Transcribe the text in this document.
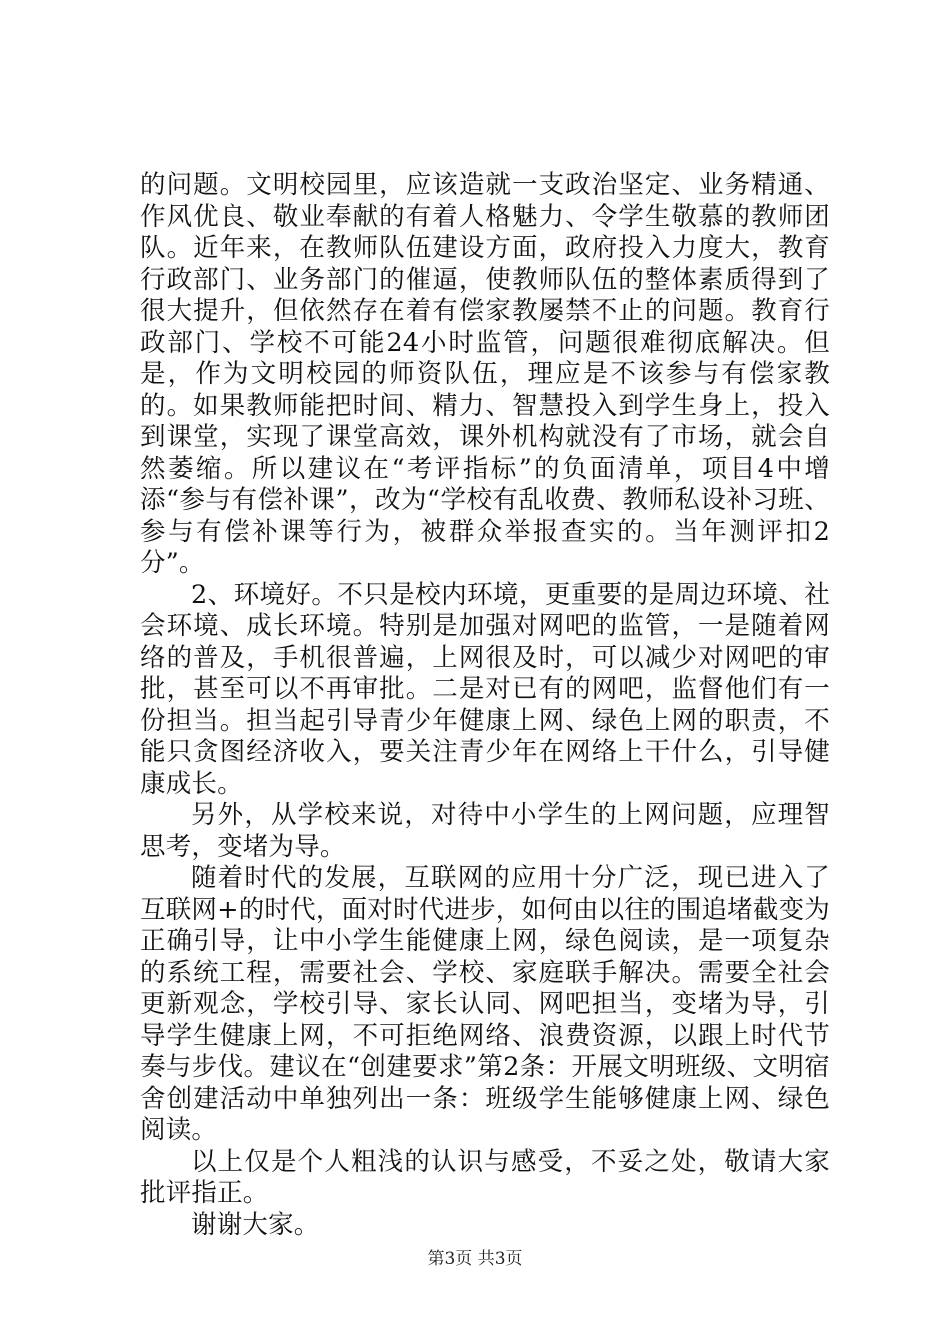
的问题。文明校园里，应该造就一支政治坚定、业务精通、作风优良、敬业奉献的有着人格魅力、令学生敬慕的教师团队。近年来，在教师队伍建设方面，政府投入力度大，教育行政部门、业务部门的催逼，使教师队伍的整体素质得到了很大提升，但依然存在着有偿家教屡禁不止的问题。教育行政部门、学校不可能24小时监管，问题很难彻底解决。但是，作为文明校园的师资队伍，理应是不该参与有偿家教的。如果教师能把时间、精力、智慧投入到学生身上，投入到课堂，实现了课堂高效，课外机构就没有了市场，就会自然萎缩。所以建议在“考评指标”的负面清单，项目4中增添“参与有偿补课”，改为“学校有乱收费、教师私设补习班、参与有偿补课等行为，被群众举报查实的。当年测评扣2分”。

2、环境好。不只是校内环境，更重要的是周边环境、社会环境、成长环境。特别是加强对网吧的监管，一是随着网络的普及，手机很普遍，上网很及时，可以减少对网吧的审批，甚至可以不再审批。二是对已有的网吧，监督他们有一份担当。担当起引导青少年健康上网、绿色上网的职责，不能只贪图经济收入，要关注青少年在网络上干什么，引导健康成长。

另外，从学校来说，对待中小学生的上网问题，应理智思考，变堵为导。

随着时代的发展，互联网的应用十分广泛，现已进入了互联网+的时代，面对时代进步，如何由以往的围追堵截变为正确引导，让中小学生能健康上网，绿色阅读，是一项复杂的系统工程，需要社会、学校、家庭联手解决。需要全社会更新观念，学校引导、家长认同、网吧担当，变堵为导，引导学生健康上网，不可拒绝网络、浪费资源，以跟上时代节奏与步伐。建议在“创建要求”第2条：开展文明班级、文明宿舍创建活动中单独列出一条：班级学生能够健康上网、绿色阅读。

以上仅是个人粗浅的认识与感受，不妥之处，敬请大家批评指正。

谢谢大家。

第3页 共3页
